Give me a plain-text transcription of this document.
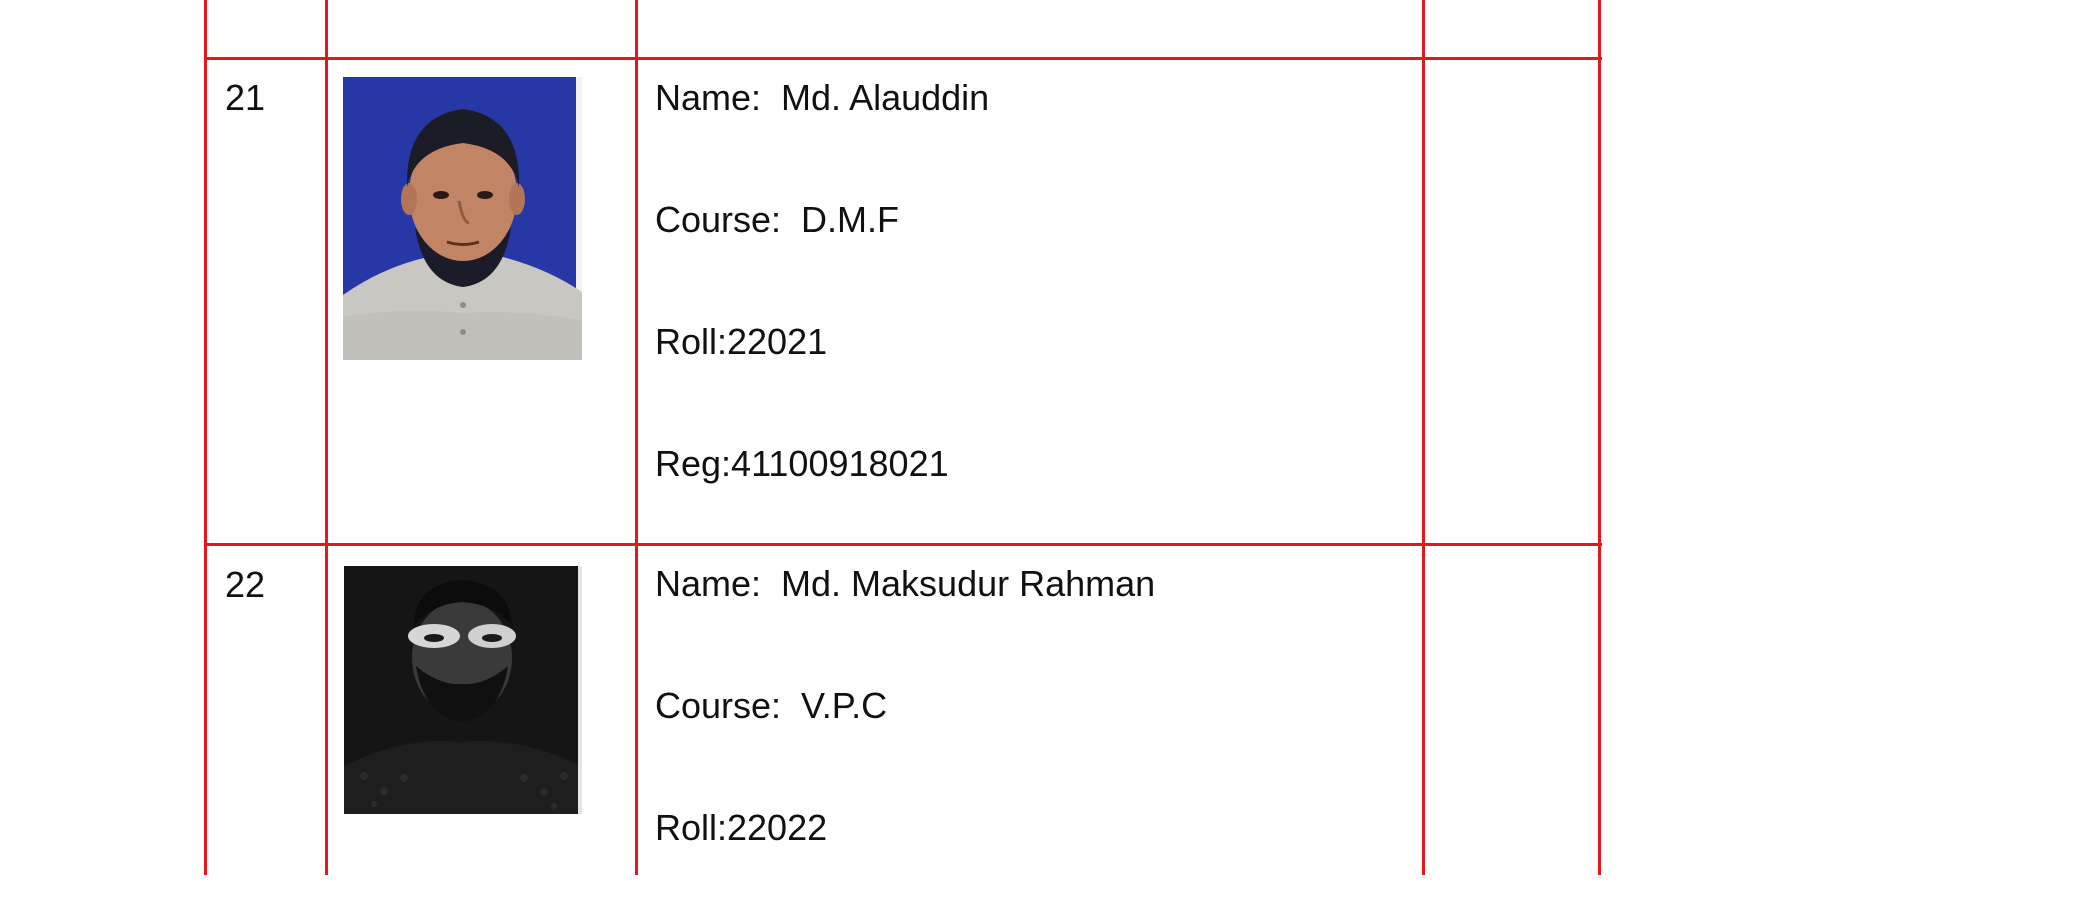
21	Name:  Md. Alauddin
Course:  D.M.F
Roll:22021
Reg:41100918021
22	Name:  Md. Maksudur Rahman
Course:  V.P.C
Roll:22022
